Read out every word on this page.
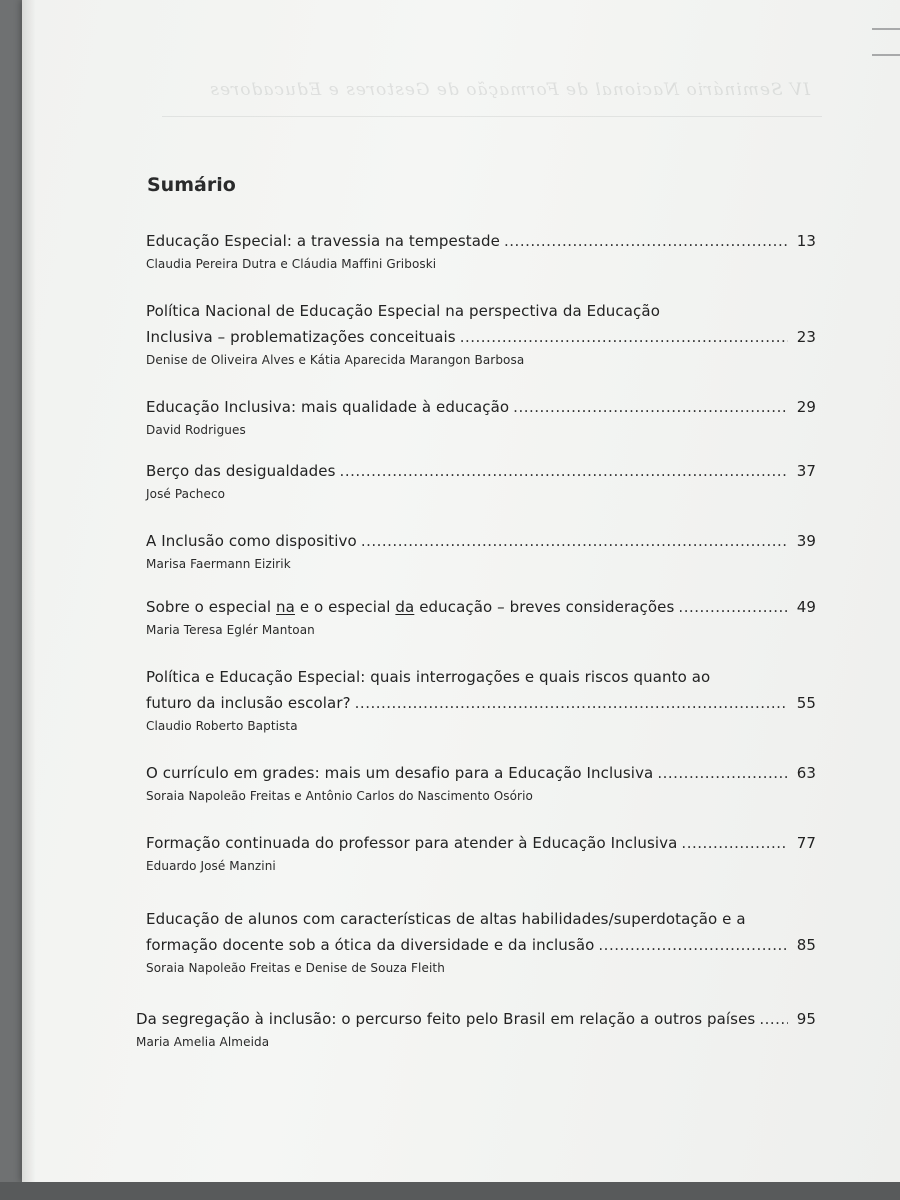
IV Seminário Nacional de Formação de Gestores e Educadores
Sumário
Educação Especial: a travessia na tempestade .....	13
Claudia Pereira Dutra e Cláudia Maffini Griboski
Política Nacional de Educação Especial na perspectiva da Educação
Inclusiva – problematizações conceituais .....	23
Denise de Oliveira Alves e Kátia Aparecida Marangon Barbosa
Educação Inclusiva: mais qualidade à educação .....	29
David Rodrigues
Berço das desigualdades .....	37
José Pacheco
A Inclusão como dispositivo .....	39
Marisa Faermann Eizirik
Sobre o especial na e o especial da educação – breves considerações .....	49
Maria Teresa Eglér Mantoan
Política e Educação Especial: quais interrogações e quais riscos quanto ao
futuro da inclusão escolar? .....	55
Claudio Roberto Baptista
O currículo em grades: mais um desafio para a Educação Inclusiva .....	63
Soraia Napoleão Freitas e Antônio Carlos do Nascimento Osório
Formação continuada do professor para atender à Educação Inclusiva .....	77
Eduardo José Manzini
Educação de alunos com características de altas habilidades/superdotação e a
formação docente sob a ótica da diversidade e da inclusão .....	85
Soraia Napoleão Freitas e Denise de Souza Fleith
Da segregação à inclusão: o percurso feito pelo Brasil em relação a outros países .....	95
Maria Amelia Almeida
